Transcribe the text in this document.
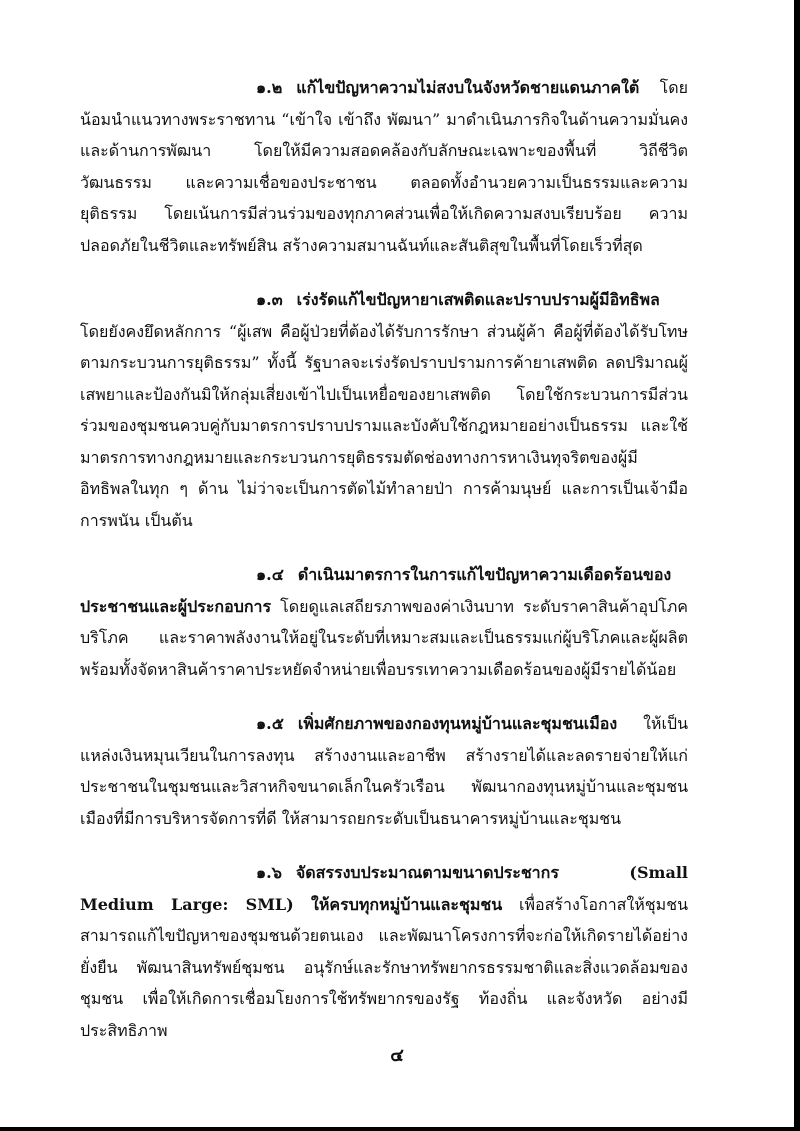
๑.๒ แก้ไขปัญหาความไม่สงบในจังหวัดชายแดนภาคใต้ โดยน้อมนำแนวทางพระราชทาน “เข้าใจ เข้าถึง พัฒนา” มาดำเนินภารกิจในด้านความมั่นคงและด้านการพัฒนา โดยให้มีความสอดคล้องกับลักษณะเฉพาะของพื้นที่ วิถีชีวิต วัฒนธรรม และความเชื่อของประชาชน ตลอดทั้งอำนวยความเป็นธรรมและความยุติธรรม โดยเน้นการมีส่วนร่วมของทุกภาคส่วนเพื่อให้เกิดความสงบเรียบร้อย ความปลอดภัยในชีวิตและทรัพย์สิน สร้างความสมานฉันท์และสันติสุขในพื้นที่โดยเร็วที่สุด

๑.๓ เร่งรัดแก้ไขปัญหายาเสพติดและปราบปรามผู้มีอิทธิพล โดยยังคงยึดหลักการ “ผู้เสพ คือผู้ป่วยที่ต้องได้รับการรักษา ส่วนผู้ค้า คือผู้ที่ต้องได้รับโทษตามกระบวนการยุติธรรม” ทั้งนี้ รัฐบาลจะเร่งรัดปราบปรามการค้ายาเสพติด ลดปริมาณผู้เสพยาและป้องกันมิให้กลุ่มเสี่ยงเข้าไปเป็นเหยื่อของยาเสพติด โดยใช้กระบวนการมีส่วนร่วมของชุมชนควบคู่กับมาตรการปราบปรามและบังคับใช้กฎหมายอย่างเป็นธรรม และใช้มาตรการทางกฎหมายและกระบวนการยุติธรรมตัดช่องทางการหาเงินทุจริตของผู้มีอิทธิพลในทุก ๆ ด้าน ไม่ว่าจะเป็นการตัดไม้ทำลายป่า การค้ามนุษย์ และการเป็นเจ้ามือการพนัน เป็นต้น

๑.๔ ดำเนินมาตรการในการแก้ไขปัญหาความเดือดร้อนของประชาชนและผู้ประกอบการ โดยดูแลเสถียรภาพของค่าเงินบาท ระดับราคาสินค้าอุปโภคบริโภค และราคาพลังงานให้อยู่ในระดับที่เหมาะสมและเป็นธรรมแก่ผู้บริโภคและผู้ผลิต พร้อมทั้งจัดหาสินค้าราคาประหยัดจำหน่ายเพื่อบรรเทาความเดือดร้อนของผู้มีรายได้น้อย

๑.๕ เพิ่มศักยภาพของกองทุนหมู่บ้านและชุมชนเมือง ให้เป็นแหล่งเงินหมุนเวียนในการลงทุน สร้างงานและอาชีพ สร้างรายได้และลดรายจ่ายให้แก่ประชาชนในชุมชนและวิสาหกิจขนาดเล็กในครัวเรือน พัฒนากองทุนหมู่บ้านและชุมชนเมืองที่มีการบริหารจัดการที่ดี ให้สามารถยกระดับเป็นธนาคารหมู่บ้านและชุมชน

๑.๖ จัดสรรงบประมาณตามขนาดประชากร (Small Medium Large: SML) ให้ครบทุกหมู่บ้านและชุมชน เพื่อสร้างโอกาสให้ชุมชนสามารถแก้ไขปัญหาของชุมชนด้วยตนเอง และพัฒนาโครงการที่จะก่อให้เกิดรายได้อย่างยั่งยืน พัฒนาสินทรัพย์ชุมชน อนุรักษ์และรักษาทรัพยากรธรรมชาติและสิ่งแวดล้อมของชุมชน เพื่อให้เกิดการเชื่อมโยงการใช้ทรัพยากรของรัฐ ท้องถิ่น และจังหวัด อย่างมีประสิทธิภาพ

๔
